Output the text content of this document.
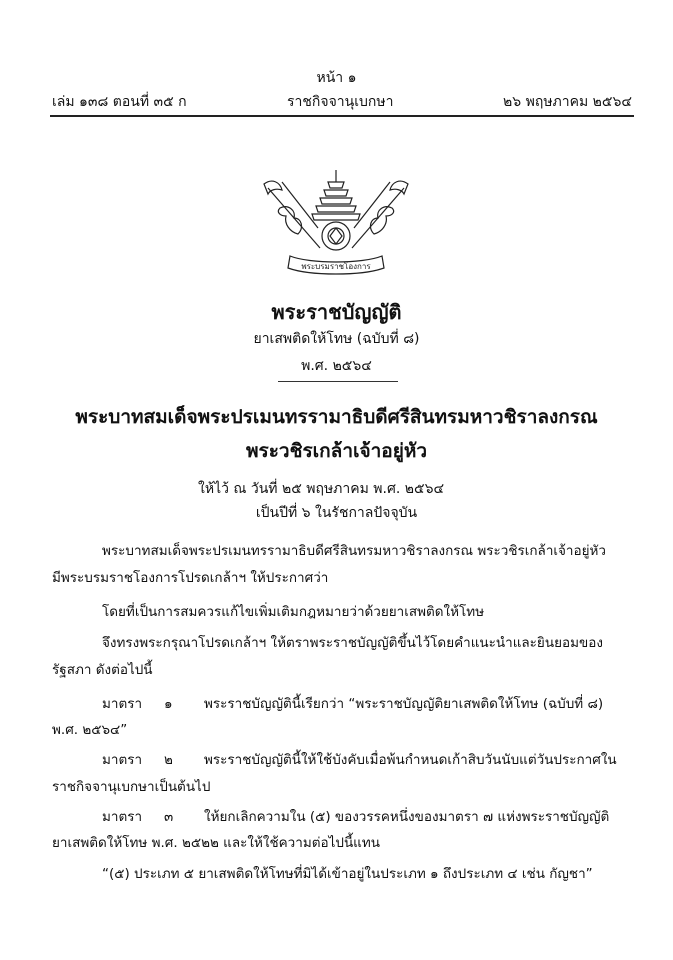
หน้า ๑
เล่ม ๑๓๘ ตอนที่ ๓๕ ก	ราชกิจจานุเบกษา	๒๖ พฤษภาคม ๒๕๖๔
พระบรมราชโองการ
พระราชบัญญัติ
ยาเสพติดให้โทษ (ฉบับที่ ๘)
พ.ศ. ๒๕๖๔
พระบาทสมเด็จพระปรเมนทรรามาธิบดีศรีสินทรมหาวชิราลงกรณ
พระวชิรเกล้าเจ้าอยู่หัว
ให้ไว้ ณ วันที่ ๒๕ พฤษภาคม พ.ศ. ๒๕๖๔
เป็นปีที่ ๖ ในรัชกาลปัจจุบัน
พระบาทสมเด็จพระปรเมนทรรามาธิบดีศรีสินทรมหาวชิราลงกรณ พระวชิรเกล้าเจ้าอยู่หัว
มีพระบรมราชโองการโปรดเกล้าฯ ให้ประกาศว่า
โดยที่เป็นการสมควรแก้ไขเพิ่มเติมกฎหมายว่าด้วยยาเสพติดให้โทษ
จึงทรงพระกรุณาโปรดเกล้าฯ ให้ตราพระราชบัญญัติขึ้นไว้โดยคำแนะนำและยินยอมของ
รัฐสภา ดังต่อไปนี้
มาตรา ๑ พระราชบัญญัตินี้เรียกว่า “พระราชบัญญัติยาเสพติดให้โทษ (ฉบับที่ ๘)
พ.ศ. ๒๕๖๔”
มาตรา ๒ พระราชบัญญัตินี้ให้ใช้บังคับเมื่อพ้นกำหนดเก้าสิบวันนับแต่วันประกาศใน
ราชกิจจานุเบกษาเป็นต้นไป
มาตรา ๓ ให้ยกเลิกความใน (๕) ของวรรคหนึ่งของมาตรา ๗ แห่งพระราชบัญญัติ
ยาเสพติดให้โทษ พ.ศ. ๒๕๒๒ และให้ใช้ความต่อไปนี้แทน
“(๕) ประเภท ๕ ยาเสพติดให้โทษที่มิได้เข้าอยู่ในประเภท ๑ ถึงประเภท ๔ เช่น กัญชา”
